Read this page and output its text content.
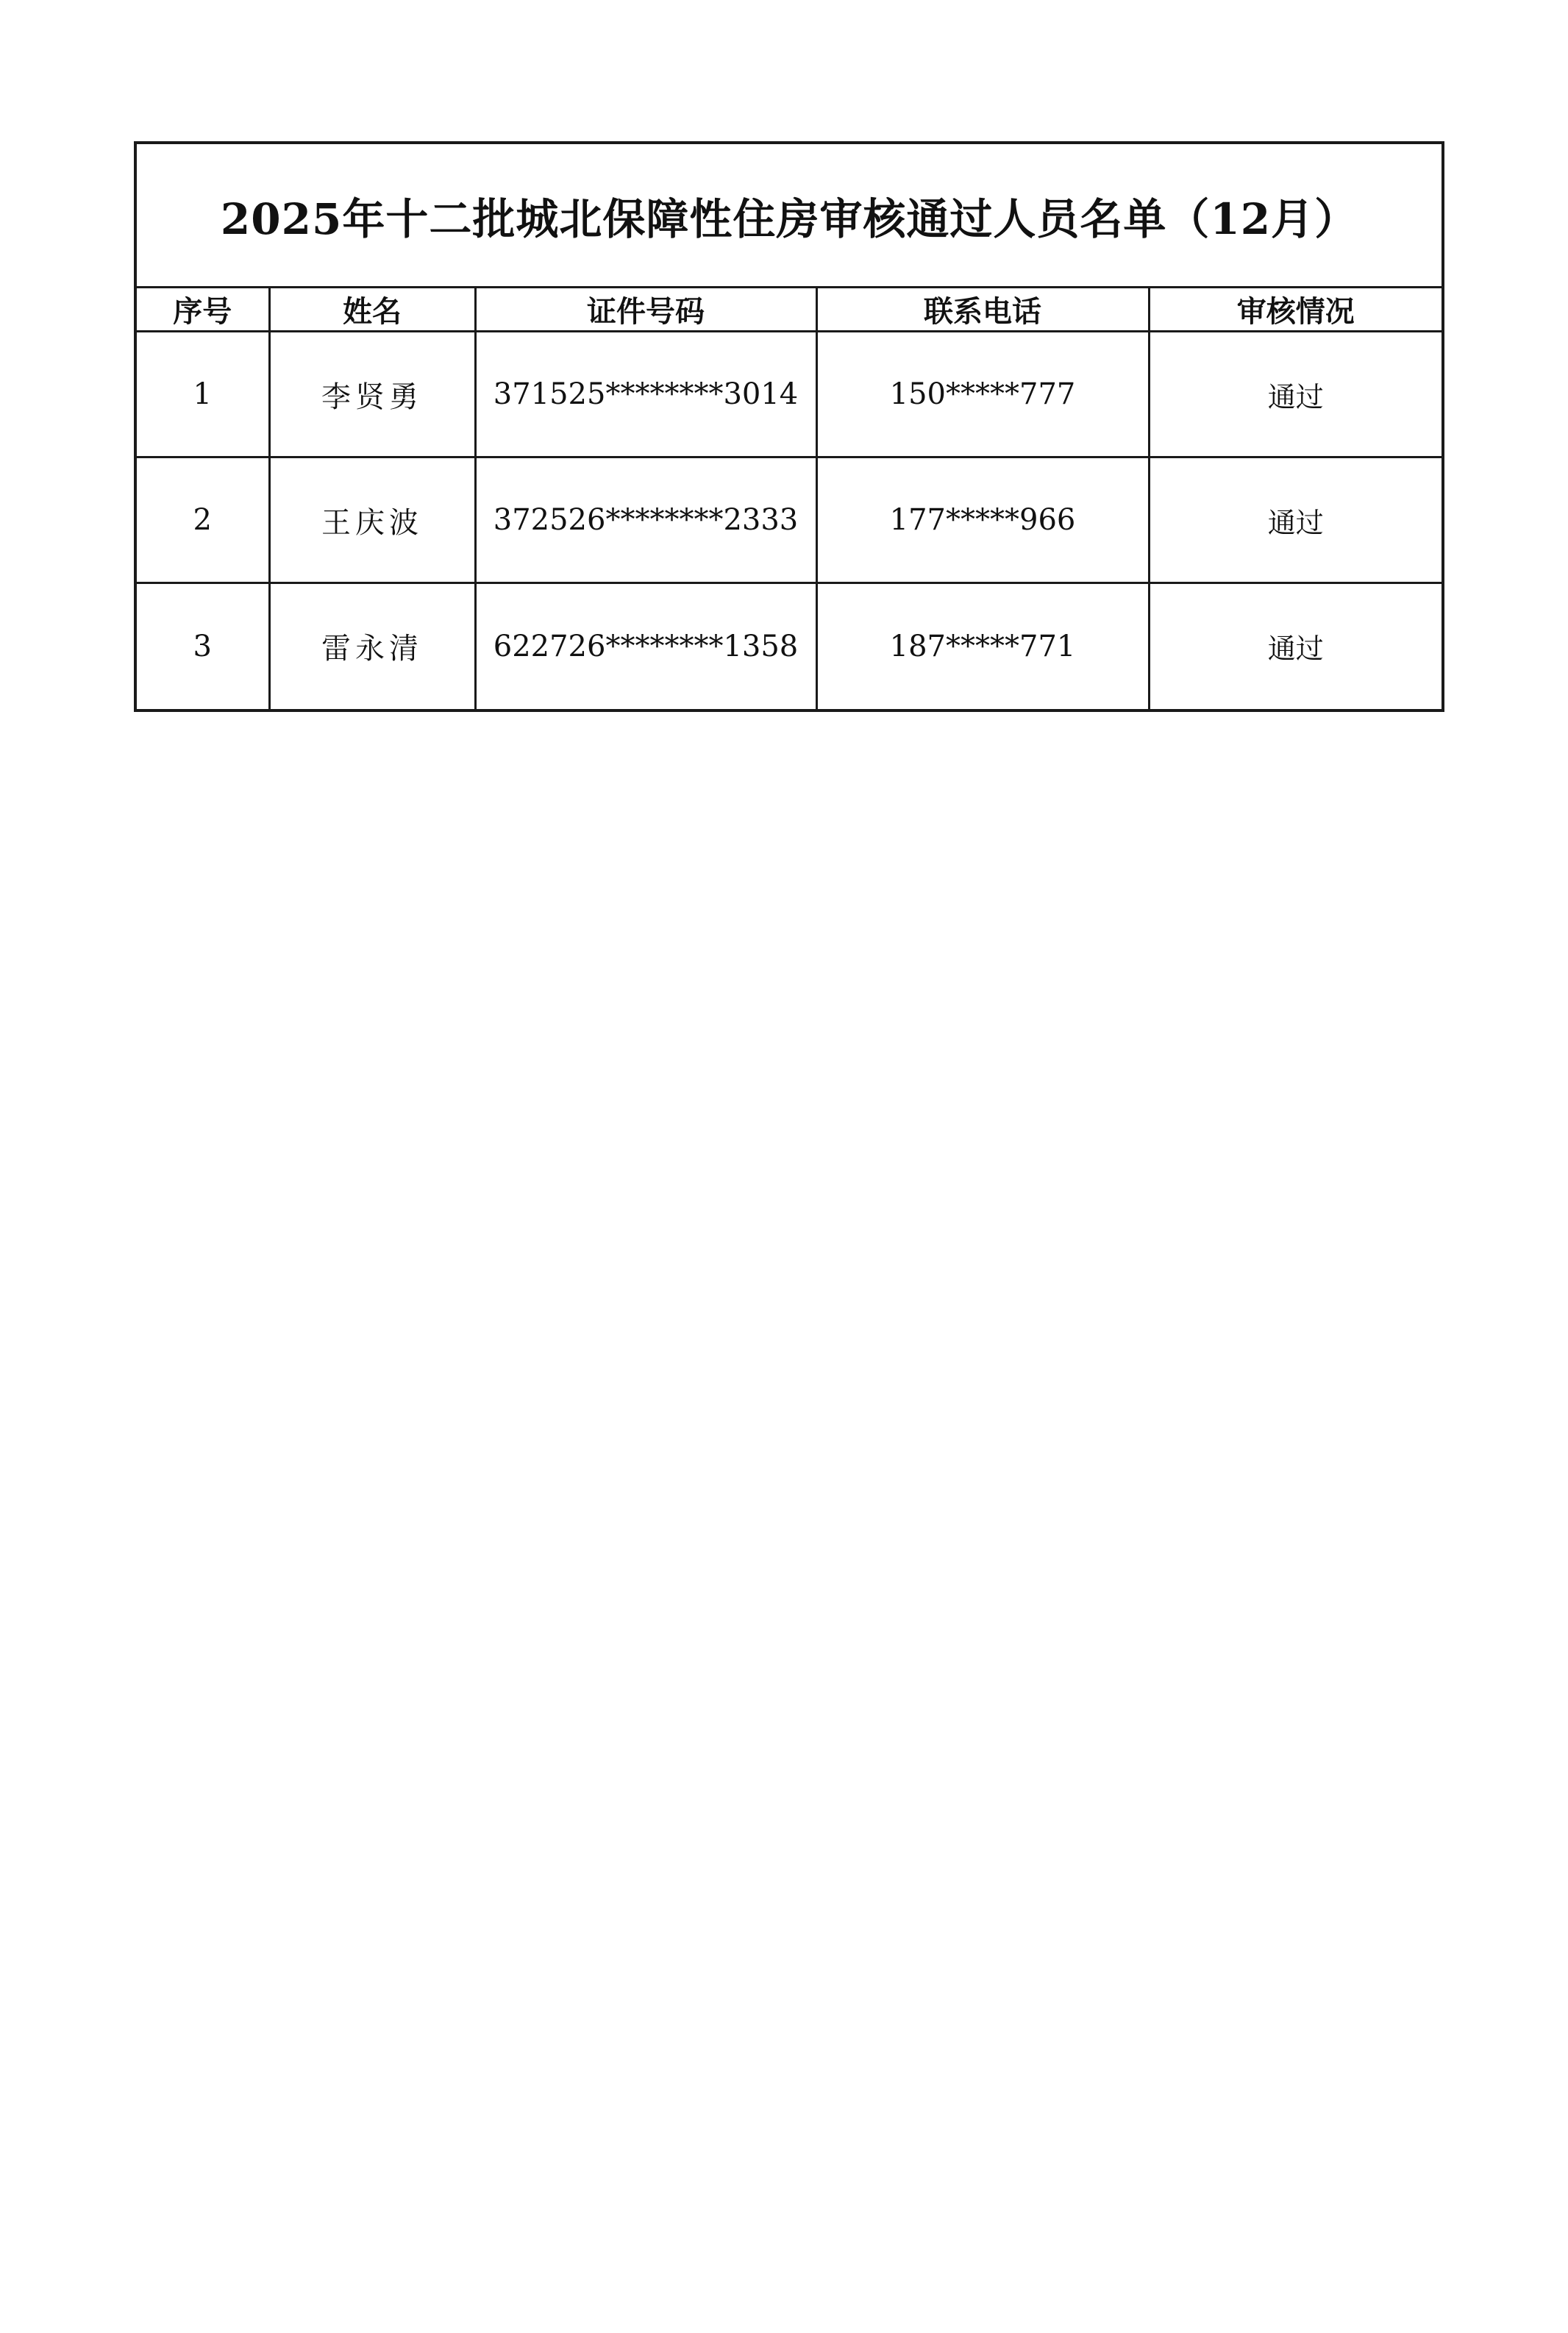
2025年十二批城北保障性住房审核通过人员名单（12月）
序号	姓名	证件号码	联系电话	审核情况
1	李贤勇	371525********3014	150*****777	通过
2	王庆波	372526********2333	177*****966	通过
3	雷永清	622726********1358	187*****771	通过
